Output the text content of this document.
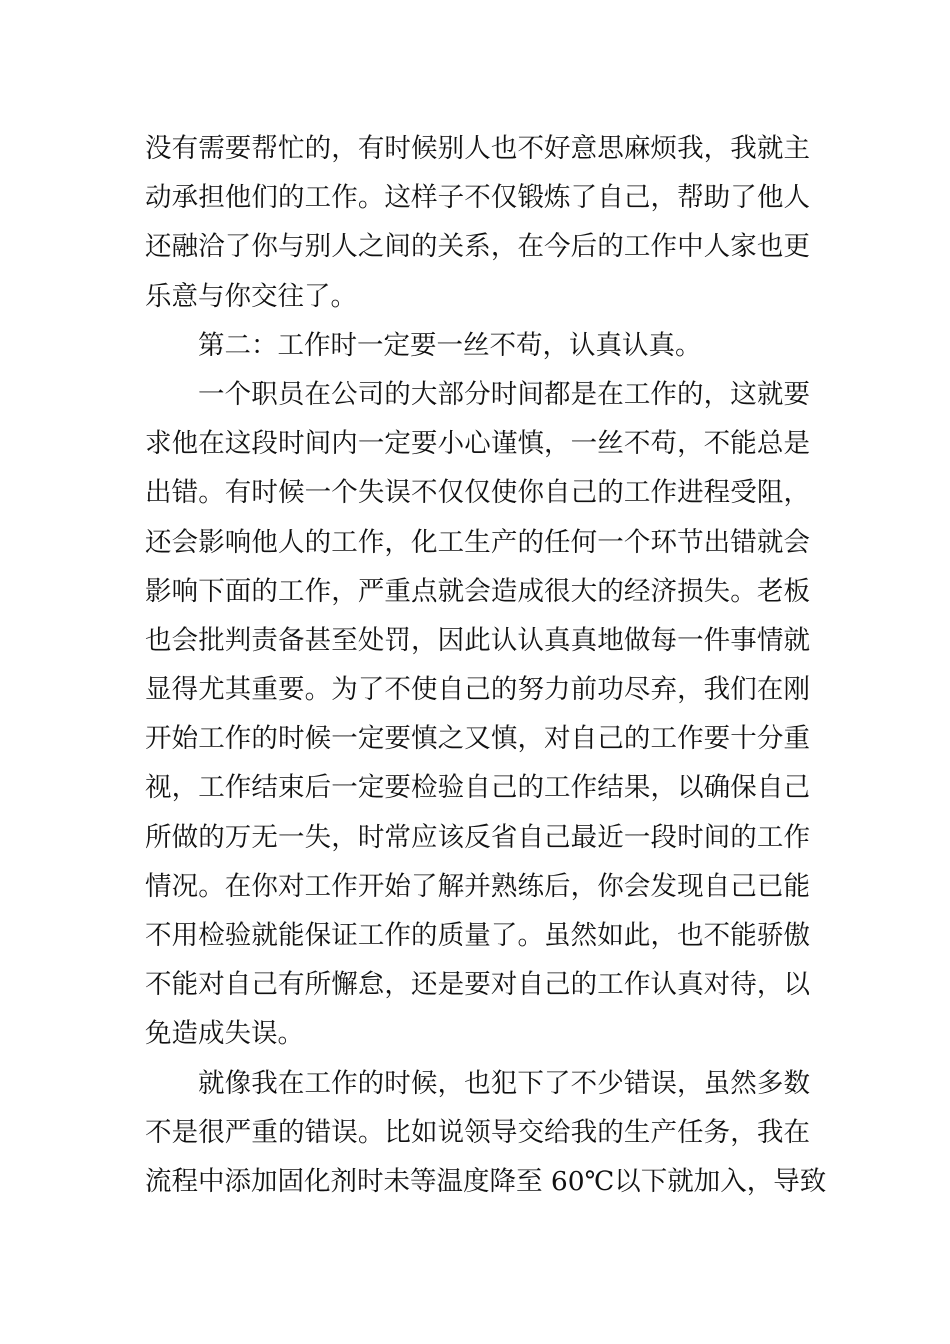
没有需要帮忙的，有时候别人也不好意思麻烦我，我就主
动承担他们的工作。这样子不仅锻炼了自己，帮助了他人
还融洽了你与别人之间的关系，在今后的工作中人家也更
乐意与你交往了。
第二：工作时一定要一丝不苟，认真认真。
一个职员在公司的大部分时间都是在工作的，这就要
求他在这段时间内一定要小心谨慎，一丝不苟，不能总是
出错。有时候一个失误不仅仅使你自己的工作进程受阻，
还会影响他人的工作，化工生产的任何一个环节出错就会
影响下面的工作，严重点就会造成很大的经济损失。老板
也会批判责备甚至处罚，因此认认真真地做每一件事情就
显得尤其重要。为了不使自己的努力前功尽弃，我们在刚
开始工作的时候一定要慎之又慎，对自己的工作要十分重
视，工作结束后一定要检验自己的工作结果，以确保自己
所做的万无一失，时常应该反省自己最近一段时间的工作
情况。在你对工作开始了解并熟练后，你会发现自己已能
不用检验就能保证工作的质量了。虽然如此，也不能骄傲
不能对自己有所懈怠，还是要对自己的工作认真对待，以
免造成失误。
就像我在工作的时候，也犯下了不少错误，虽然多数
不是很严重的错误。比如说领导交给我的生产任务，我在
流程中添加固化剂时未等温度降至 60℃以下就加入，导致
